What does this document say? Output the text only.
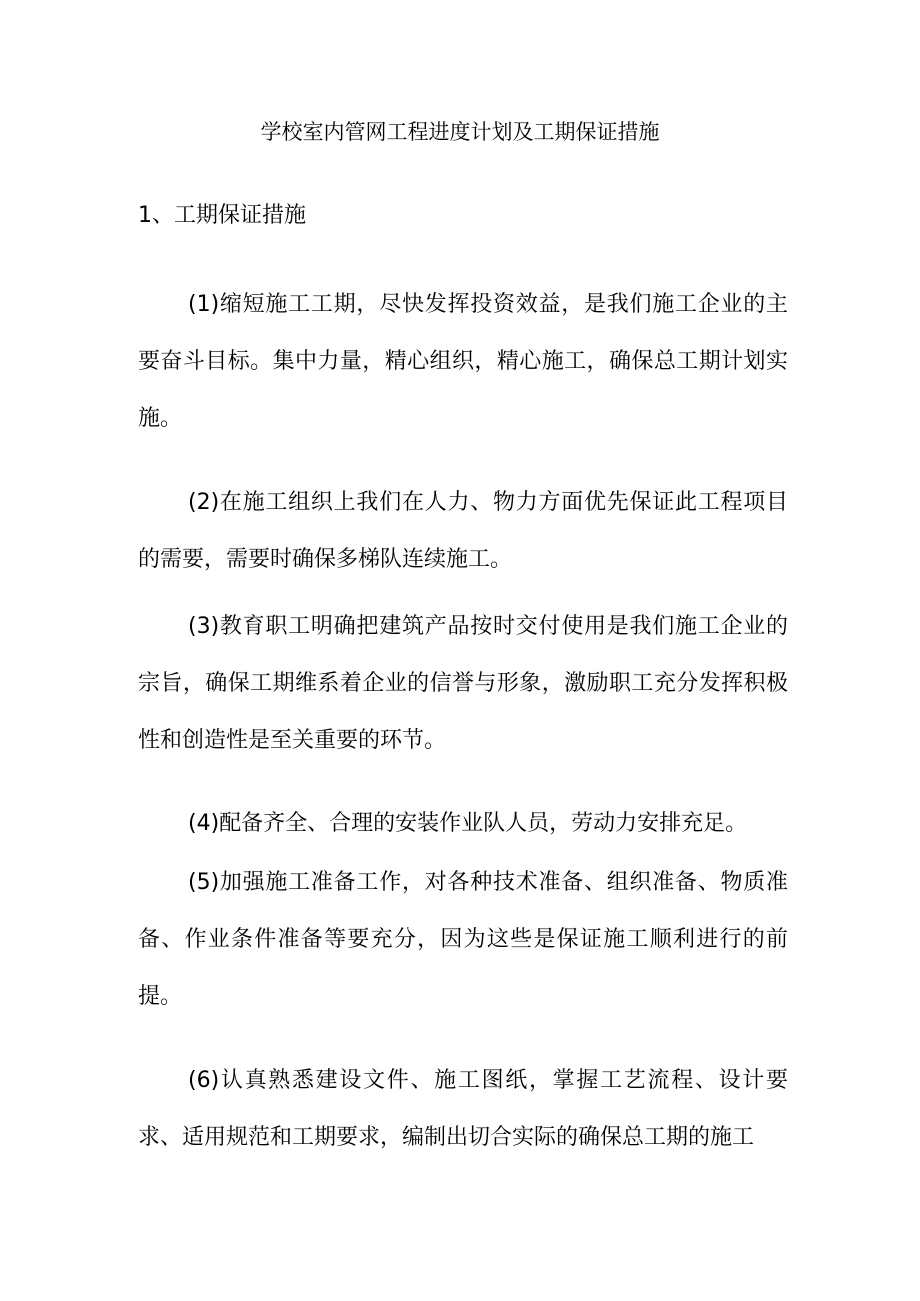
学校室内管网工程进度计划及工期保证措施
1、工期保证措施

(1)缩短施工工期，尽快发挥投资效益，是我们施工企业的主要奋斗目标。集中力量，精心组织，精心施工，确保总工期计划实施。

(2)在施工组织上我们在人力、物力方面优先保证此工程项目的需要，需要时确保多梯队连续施工。

(3)教育职工明确把建筑产品按时交付使用是我们施工企业的宗旨，确保工期维系着企业的信誉与形象，激励职工充分发挥积极性和创造性是至关重要的环节。

(4)配备齐全、合理的安装作业队人员，劳动力安排充足。

(5)加强施工准备工作，对各种技术准备、组织准备、物质准备、作业条件准备等要充分，因为这些是保证施工顺利进行的前提。

(6)认真熟悉建设文件、施工图纸，掌握工艺流程、设计要求、适用规范和工期要求，编制出切合实际的确保总工期的施工
